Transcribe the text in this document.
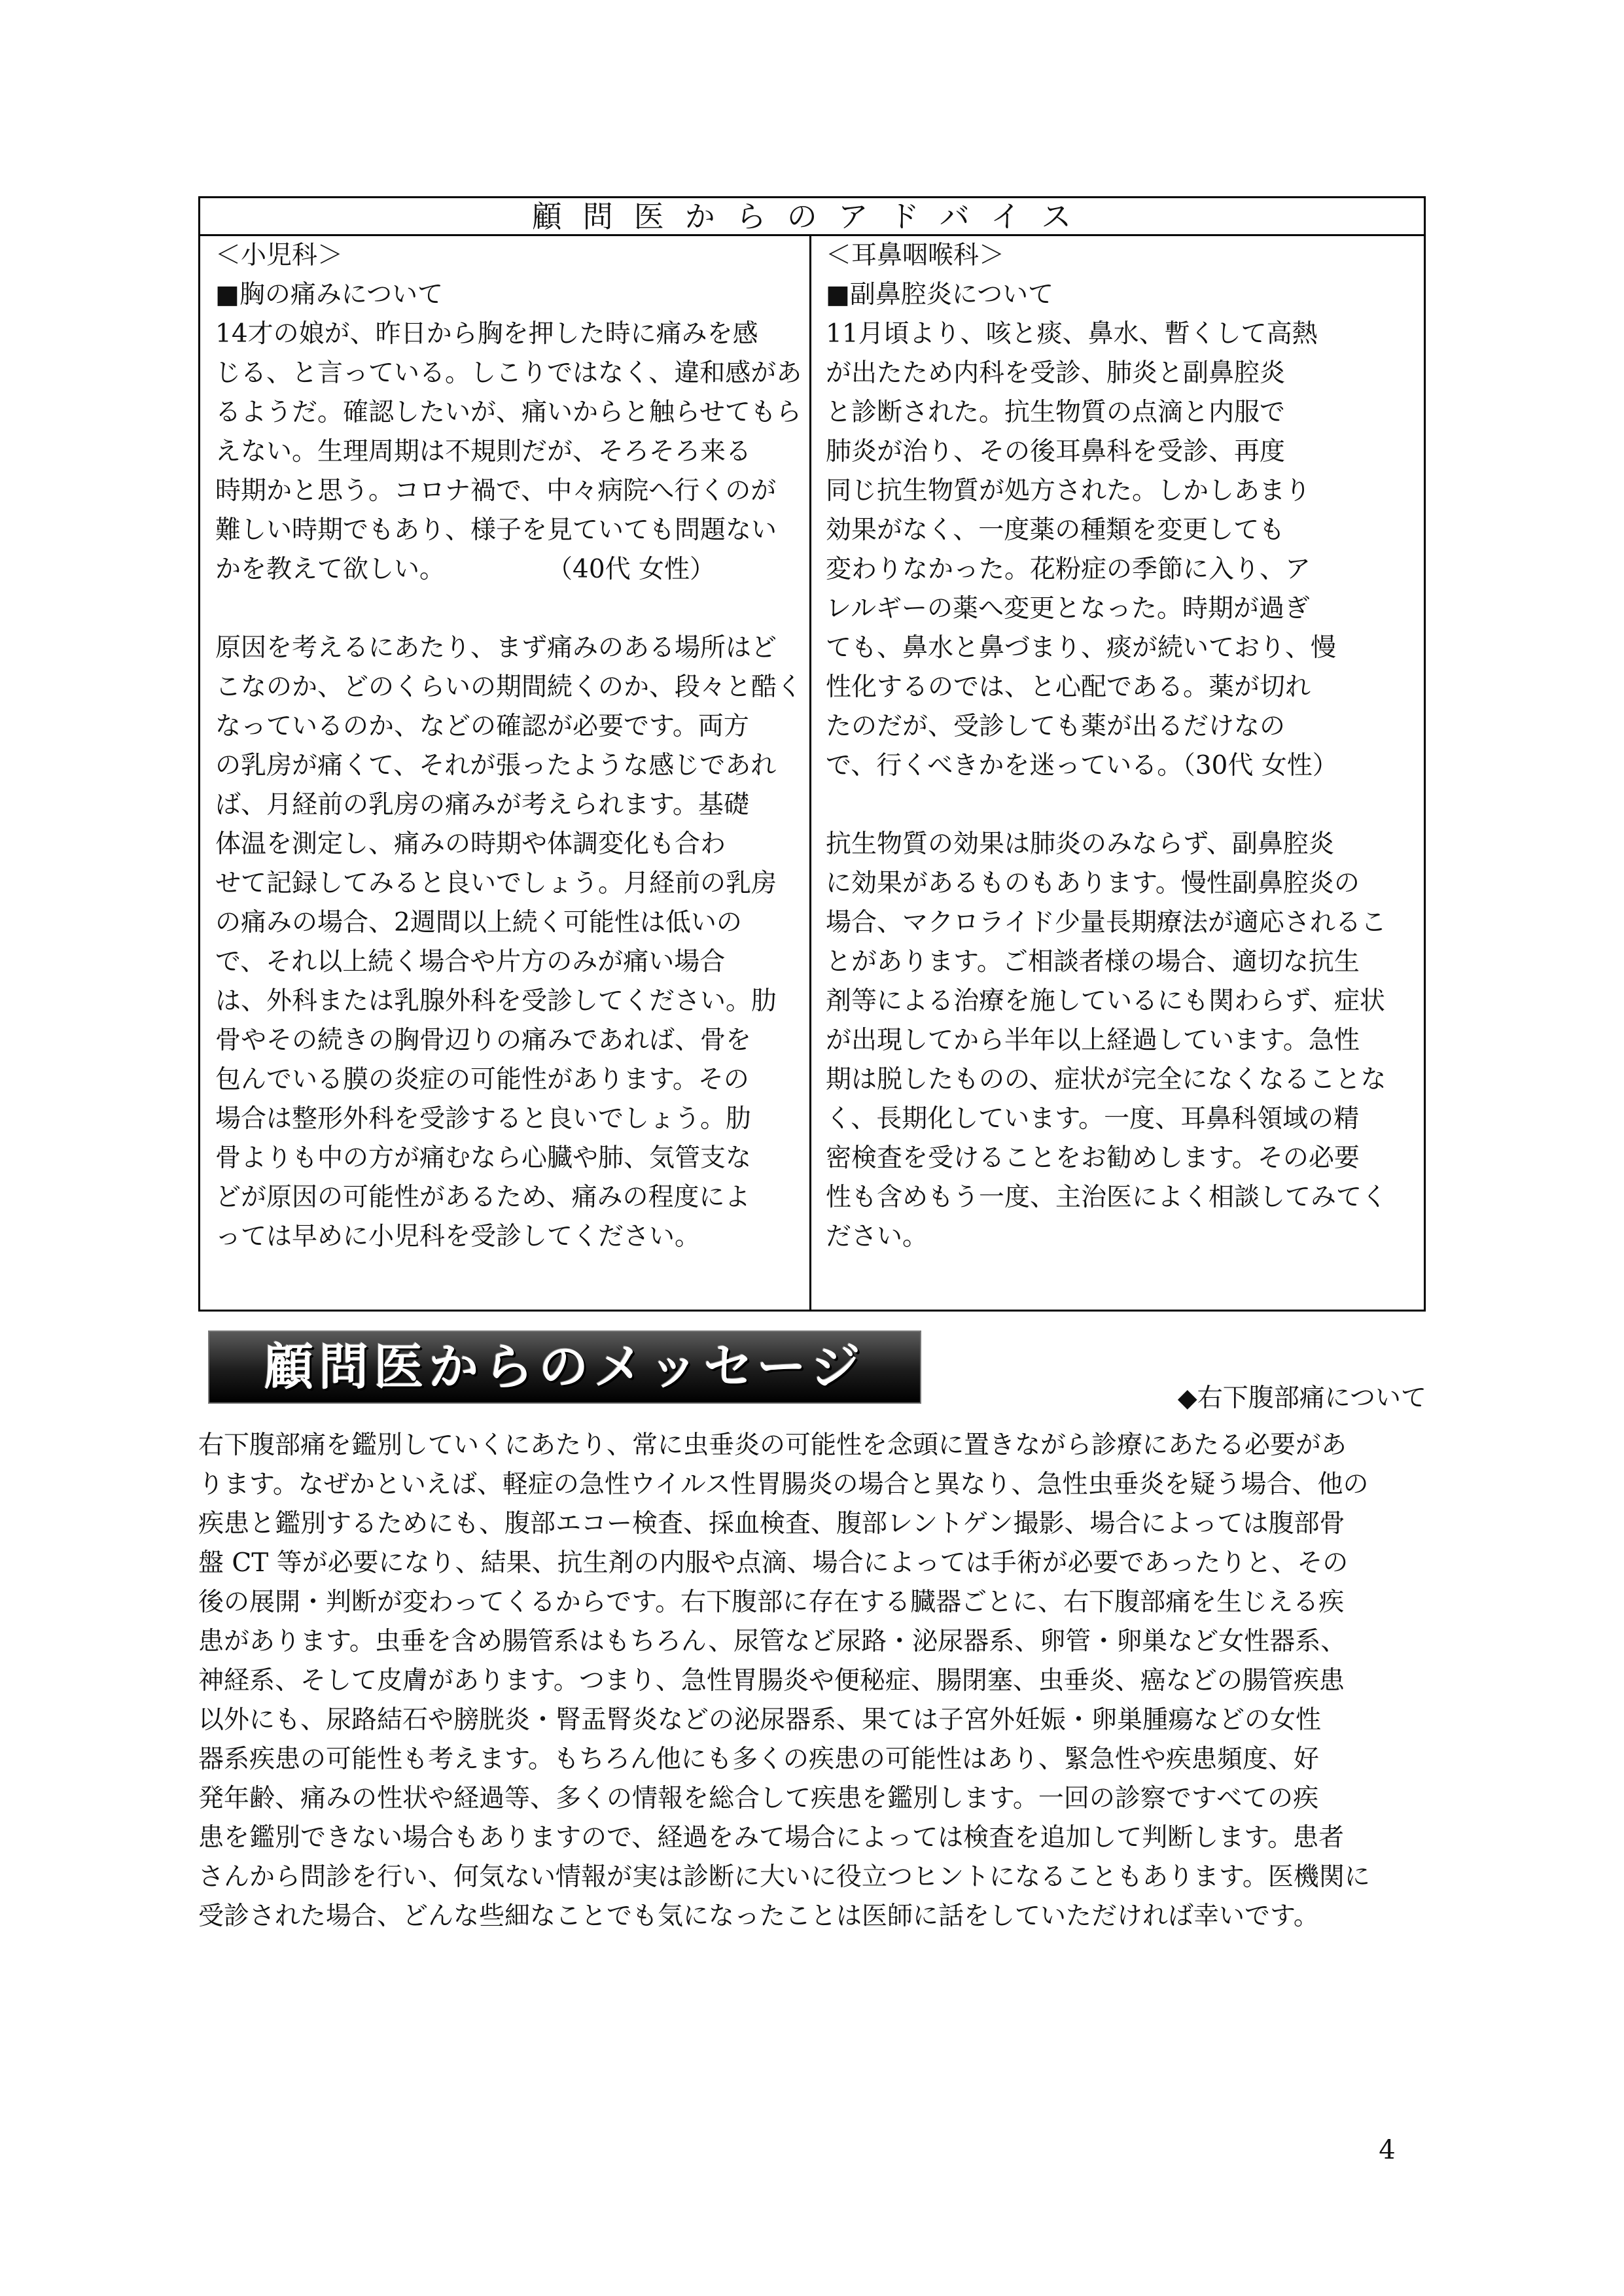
顧問医からのアドバイス

＜小児科＞

■胸の痛みについて

14才の娘が、昨日から胸を押した時に痛みを感

じる、と言っている。しこりではなく、違和感があ

るようだ。確認したいが、痛いからと触らせてもら

えない。生理周期は不規則だが、そろそろ来る

時期かと思う。コロナ禍で、中々病院へ行くのが

難しい時期でもあり、様子を見ていても問題ない

かを教えて欲しい。　　　　　（40代 女性）

原因を考えるにあたり、まず痛みのある場所はど

こなのか、どのくらいの期間続くのか、段々と酷く

なっているのか、などの確認が必要です。両方

の乳房が痛くて、それが張ったような感じであれ

ば、月経前の乳房の痛みが考えられます。基礎

体温を測定し、痛みの時期や体調変化も合わ

せて記録してみると良いでしょう。月経前の乳房

の痛みの場合、2週間以上続く可能性は低いの

で、それ以上続く場合や片方のみが痛い場合

は、外科または乳腺外科を受診してください。肋

骨やその続きの胸骨辺りの痛みであれば、骨を

包んでいる膜の炎症の可能性があります。その

場合は整形外科を受診すると良いでしょう。肋

骨よりも中の方が痛むなら心臓や肺、気管支な

どが原因の可能性があるため、痛みの程度によ

っては早めに小児科を受診してください。

＜耳鼻咽喉科＞

■副鼻腔炎について

11月頃より、咳と痰、鼻水、暫くして高熱

が出たため内科を受診、肺炎と副鼻腔炎

と診断された。抗生物質の点滴と内服で

肺炎が治り、その後耳鼻科を受診、再度

同じ抗生物質が処方された。しかしあまり

効果がなく、一度薬の種類を変更しても

変わりなかった。花粉症の季節に入り、ア

レルギーの薬へ変更となった。時期が過ぎ

ても、鼻水と鼻づまり、痰が続いており、慢

性化するのでは、と心配である。薬が切れ

たのだが、受診しても薬が出るだけなの

で、行くべきかを迷っている。（30代 女性）

抗生物質の効果は肺炎のみならず、副鼻腔炎

に効果があるものもあります。慢性副鼻腔炎の

場合、マクロライド少量長期療法が適応されるこ

とがあります。ご相談者様の場合、適切な抗生

剤等による治療を施しているにも関わらず、症状

が出現してから半年以上経過しています。急性

期は脱したものの、症状が完全になくなることな

く、長期化しています。一度、耳鼻科領域の精

密検査を受けることをお勧めします。その必要

性も含めもう一度、主治医によく相談してみてく

ださい。

顧問医からのメッセージ
◆右下腹部痛について

右下腹部痛を鑑別していくにあたり、常に虫垂炎の可能性を念頭に置きながら診療にあたる必要があ

ります。なぜかといえば、軽症の急性ウイルス性胃腸炎の場合と異なり、急性虫垂炎を疑う場合、他の

疾患と鑑別するためにも、腹部エコー検査、採血検査、腹部レントゲン撮影、場合によっては腹部骨

盤 CT 等が必要になり、結果、抗生剤の内服や点滴、場合によっては手術が必要であったりと、その

後の展開・判断が変わってくるからです。右下腹部に存在する臓器ごとに、右下腹部痛を生じえる疾

患があります。虫垂を含め腸管系はもちろん、尿管など尿路・泌尿器系、卵管・卵巣など女性器系、

神経系、そして皮膚があります。つまり、急性胃腸炎や便秘症、腸閉塞、虫垂炎、癌などの腸管疾患

以外にも、尿路結石や膀胱炎・腎盂腎炎などの泌尿器系、果ては子宮外妊娠・卵巣腫瘍などの女性

器系疾患の可能性も考えます。もちろん他にも多くの疾患の可能性はあり、緊急性や疾患頻度、好

発年齢、痛みの性状や経過等、多くの情報を総合して疾患を鑑別します。一回の診察ですべての疾

患を鑑別できない場合もありますので、経過をみて場合によっては検査を追加して判断します。患者

さんから問診を行い、何気ない情報が実は診断に大いに役立つヒントになることもあります。医機関に

受診された場合、どんな些細なことでも気になったことは医師に話をしていただければ幸いです。

4
